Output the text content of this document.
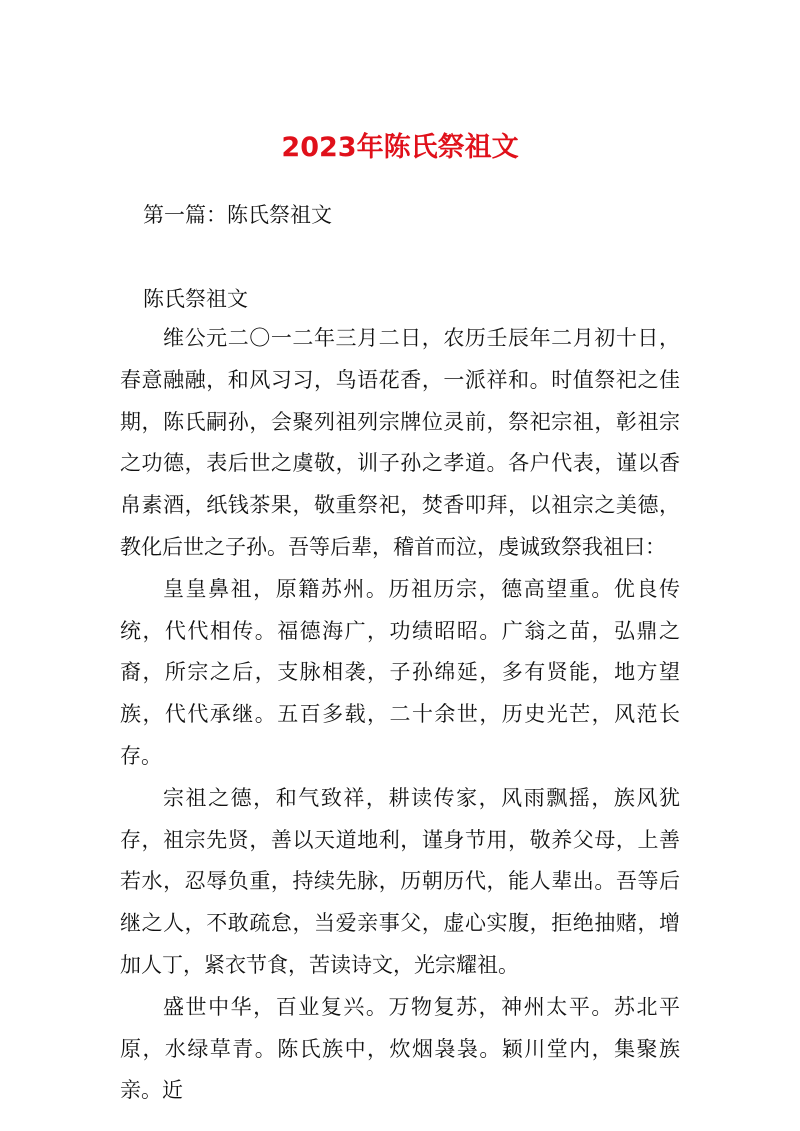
2023年陈氏祭祖文

第一篇：陈氏祭祖文

陈氏祭祖文

维公元二〇一二年三月二日，农历壬辰年二月初十日，春意融融，和风习习，鸟语花香，一派祥和。时值祭祀之佳期，陈氏嗣孙，会聚列祖列宗牌位灵前，祭祀宗祖，彰祖宗之功德，表后世之虞敬，训子孙之孝道。各户代表，谨以香帛素酒，纸钱茶果，敬重祭祀，焚香叩拜，以祖宗之美德，教化后世之子孙。吾等后辈，稽首而泣，虔诚致祭我祖曰：

皇皇鼻祖，原籍苏州。历祖历宗，德高望重。优良传统，代代相传。福德海广，功绩昭昭。广翁之苗，弘鼎之裔，所宗之后，支脉相袭，子孙绵延，多有贤能，地方望族，代代承继。五百多载，二十余世，历史光芒，风范长存。

宗祖之德，和气致祥，耕读传家，风雨飘摇，族风犹存，祖宗先贤，善以天道地利，谨身节用，敬养父母，上善若水，忍辱负重，持续先脉，历朝历代，能人辈出。吾等后继之人，不敢疏怠，当爱亲事父，虚心实腹，拒绝抽赌，增加人丁，紧衣节食，苦读诗文，光宗耀祖。

盛世中华，百业复兴。万物复苏，神州太平。苏北平原，水绿草青。陈氏族中，炊烟袅袅。颖川堂内，集聚族亲。近
